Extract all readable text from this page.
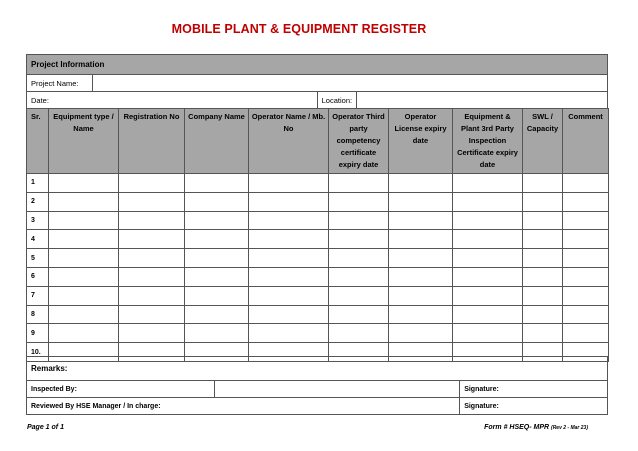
MOBILE PLANT & EQUIPMENT REGISTER
Project Information			
Project Name:			
Date:		Location:	
Sr.	Equipment type / Name	Registration No	Company Name	Operator Name / Mb. No	Operator Third party competency certificate expiry date	Operator License expiry date	Equipment & Plant 3rd Party Inspection Certificate expiry date	SWL / Capacity	Comment
1									
2									
3									
4									
5									
6									
7									
8									
9									
10.									
Remarks:		
Inspected By:		Signature:
Reviewed By HSE Manager / In charge:		Signature:
Page 1 of 1	Form # HSEQ- MPR (Rev 2 - Mar 23)
